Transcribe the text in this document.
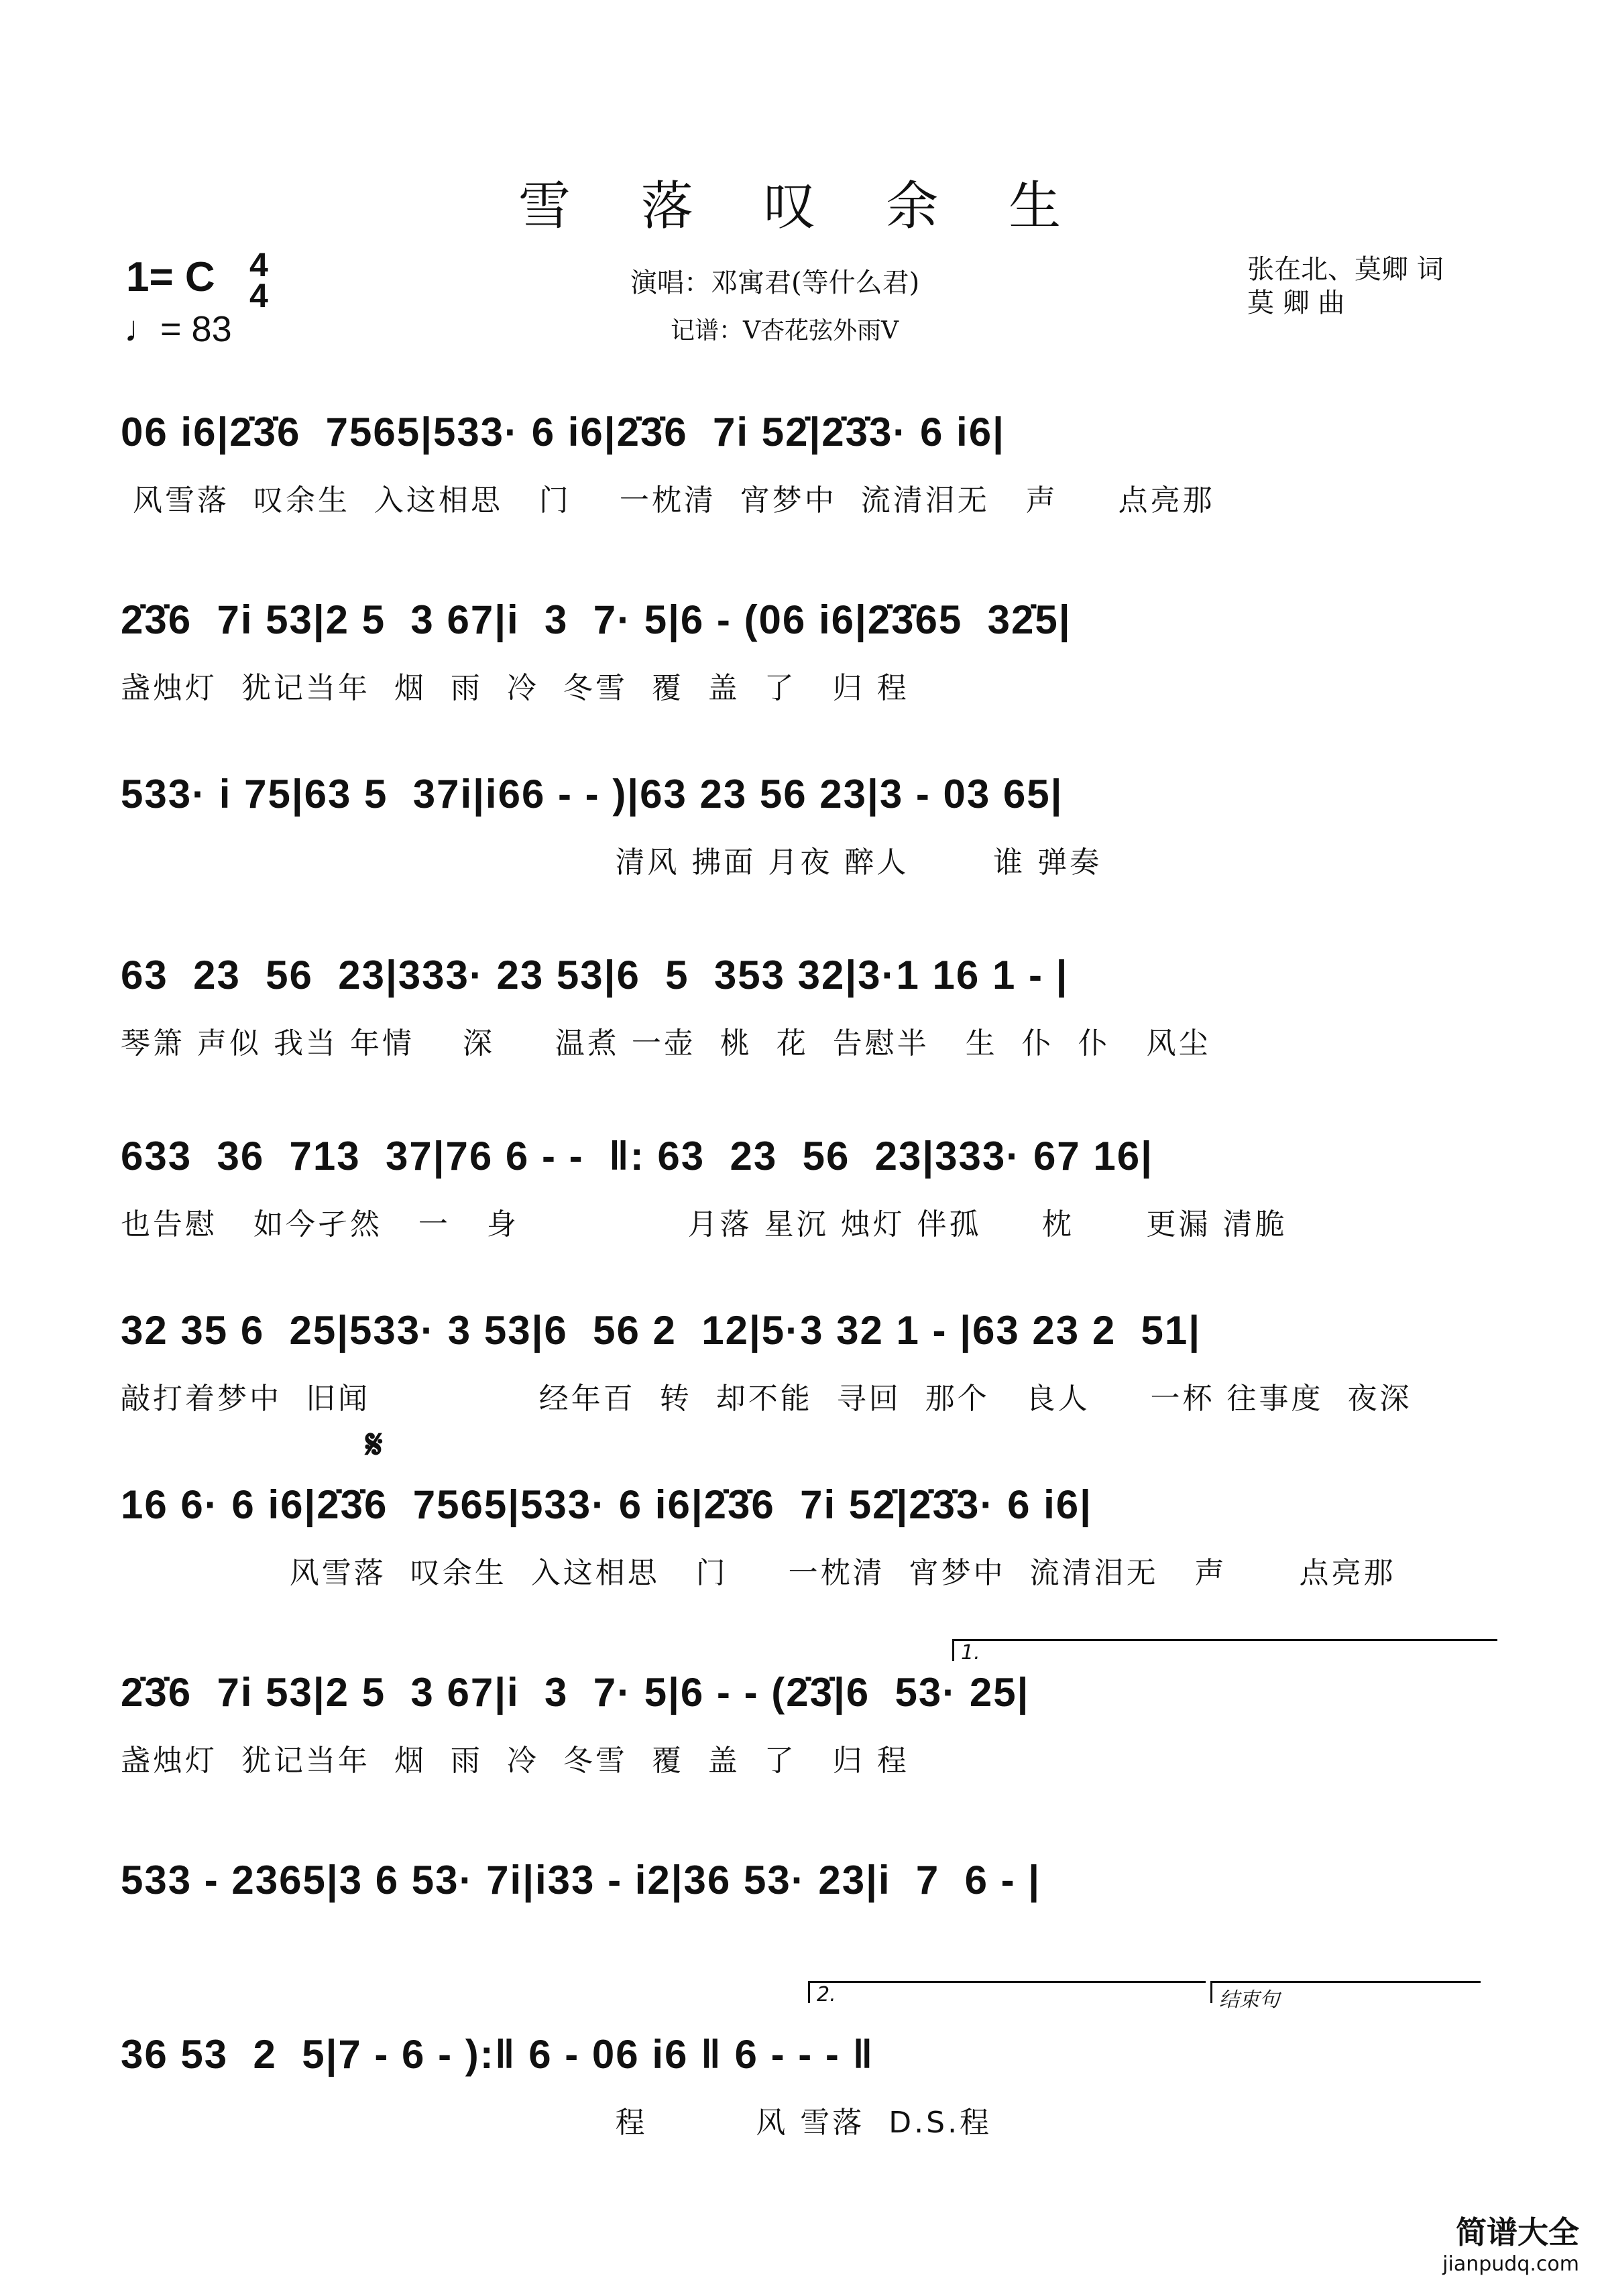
雪 落 叹 余 生
1= C 4
4
♩= 83
演唱：邓寓君(等什么君)
记谱：V杏花弦外雨V
张在北、莫卿 词
莫 卿 曲
06 i6|2̇3̇6  7565|533· 6 i6|2̇3̇6  7i 52̇|2̇3̇3· 6 i6|
风雪落  叹余生  入这相思   门    一枕清  宵梦中  流清泪无   声     点亮那
2̇3̇6  7i 53|2 5  3 67|i  3  7· 5|6 - (06 i6|2̇3̇65  32̇5|
盏烛灯  犹记当年  烟  雨  冷  冬雪  覆  盖  了   归 程
533· i 75|63 5  37i|i66 - - )|63 23 56 23|3 - 03 65|
清风 拂面 月夜 醉人       谁 弹奏
63  23  56  23|333· 23 53|6  5  353 32|3·1 16 1 - |
琴箫 声似 我当 年情    深     温煮 一壶  桃  花  告慰半   生  仆  仆   风尘
633  36  713  37|76 6 - -  ‖: 63  23  56  23|333· 67 16|
也告慰   如今孑然   一   身              月落 星沉 烛灯 伴孤     枕      更漏 清脆
32 35 6  25|533· 3 53|6  56 2  12|5·3 32 1 - |63 23 2  51|
敲打着梦中  旧闻              经年百  转  却不能  寻回  那个   良人     一杯 往事度  夜深
16 6· 6 i6|2̇3̇6  7565|533· 6 i6|2̇3̇6  7i 52̇|2̇3̇3· 6 i6|
风雪落  叹余生  入这相思   门     一枕清  宵梦中  流清泪无   声      点亮那
2̇3̇6  7i 53|2 5  3 67|i  3  7· 5|6 - - (2̇3̇|6  53· 25|
盏烛灯  犹记当年  烟  雨  冷  冬雪  覆  盖  了   归 程
533 - 2365|3 6 53· 7i|i33 - i2|36 53· 23|i  7  6 - |
36 53  2  5|7 - 6 - ):‖ 6 - 06 i6 ‖ 6 - - - ‖
程         风 雪落  D.S.程
1.
2.	结束句
𝄋
简谱大全
jianpudq.com
